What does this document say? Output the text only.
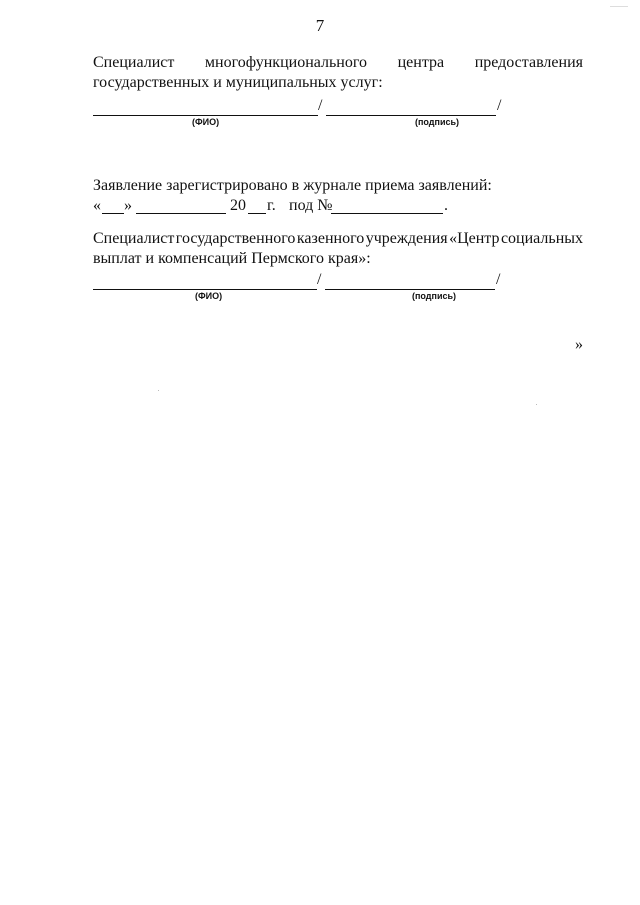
7
Специалист многофункционального центра предоставления
государственных и муниципальных услуг:
/	/
(ФИО)	(подпись)
Заявление зарегистрировано в журнале приема заявлений:
« »	20 г. под №	.
Специалист государственного казенного учреждения «Центр социальных
выплат и компенсаций Пермского края»:
/	/
(ФИО)	(подпись)
»
